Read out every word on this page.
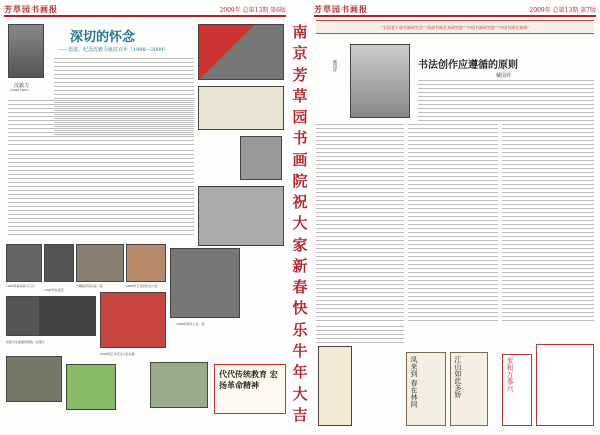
芳草园书画报	2009年 总第13期 第6版
沈毅力
(1908-1997)
深切的怀念
——悲流、纪念沈毅力诞辰百年（1908—2009）
1943年前戎抗大门口
1942年在延安
与解放军官兵在一起	2009年五月的纪念大会
沈毅力生前最珍惜的一张照片
2009年五月纪念大会合影
1968年和夫人在一起
代代传统教育 宏扬革命精神
南
京
芳
草
园
书
画
院
祝
大
家
新
春
快
乐
牛
年
大
吉
芳草园书画报	2009年 总第13期 第7版
“全国老干部书画研究会”“西部书画艺术研究院”“中国书画研究院”“中国书画名家网”
戴国祥	书法创作应遵循的原则
戴国祥
凤来到 春在林间	江山如此多娇	家和万事兴
